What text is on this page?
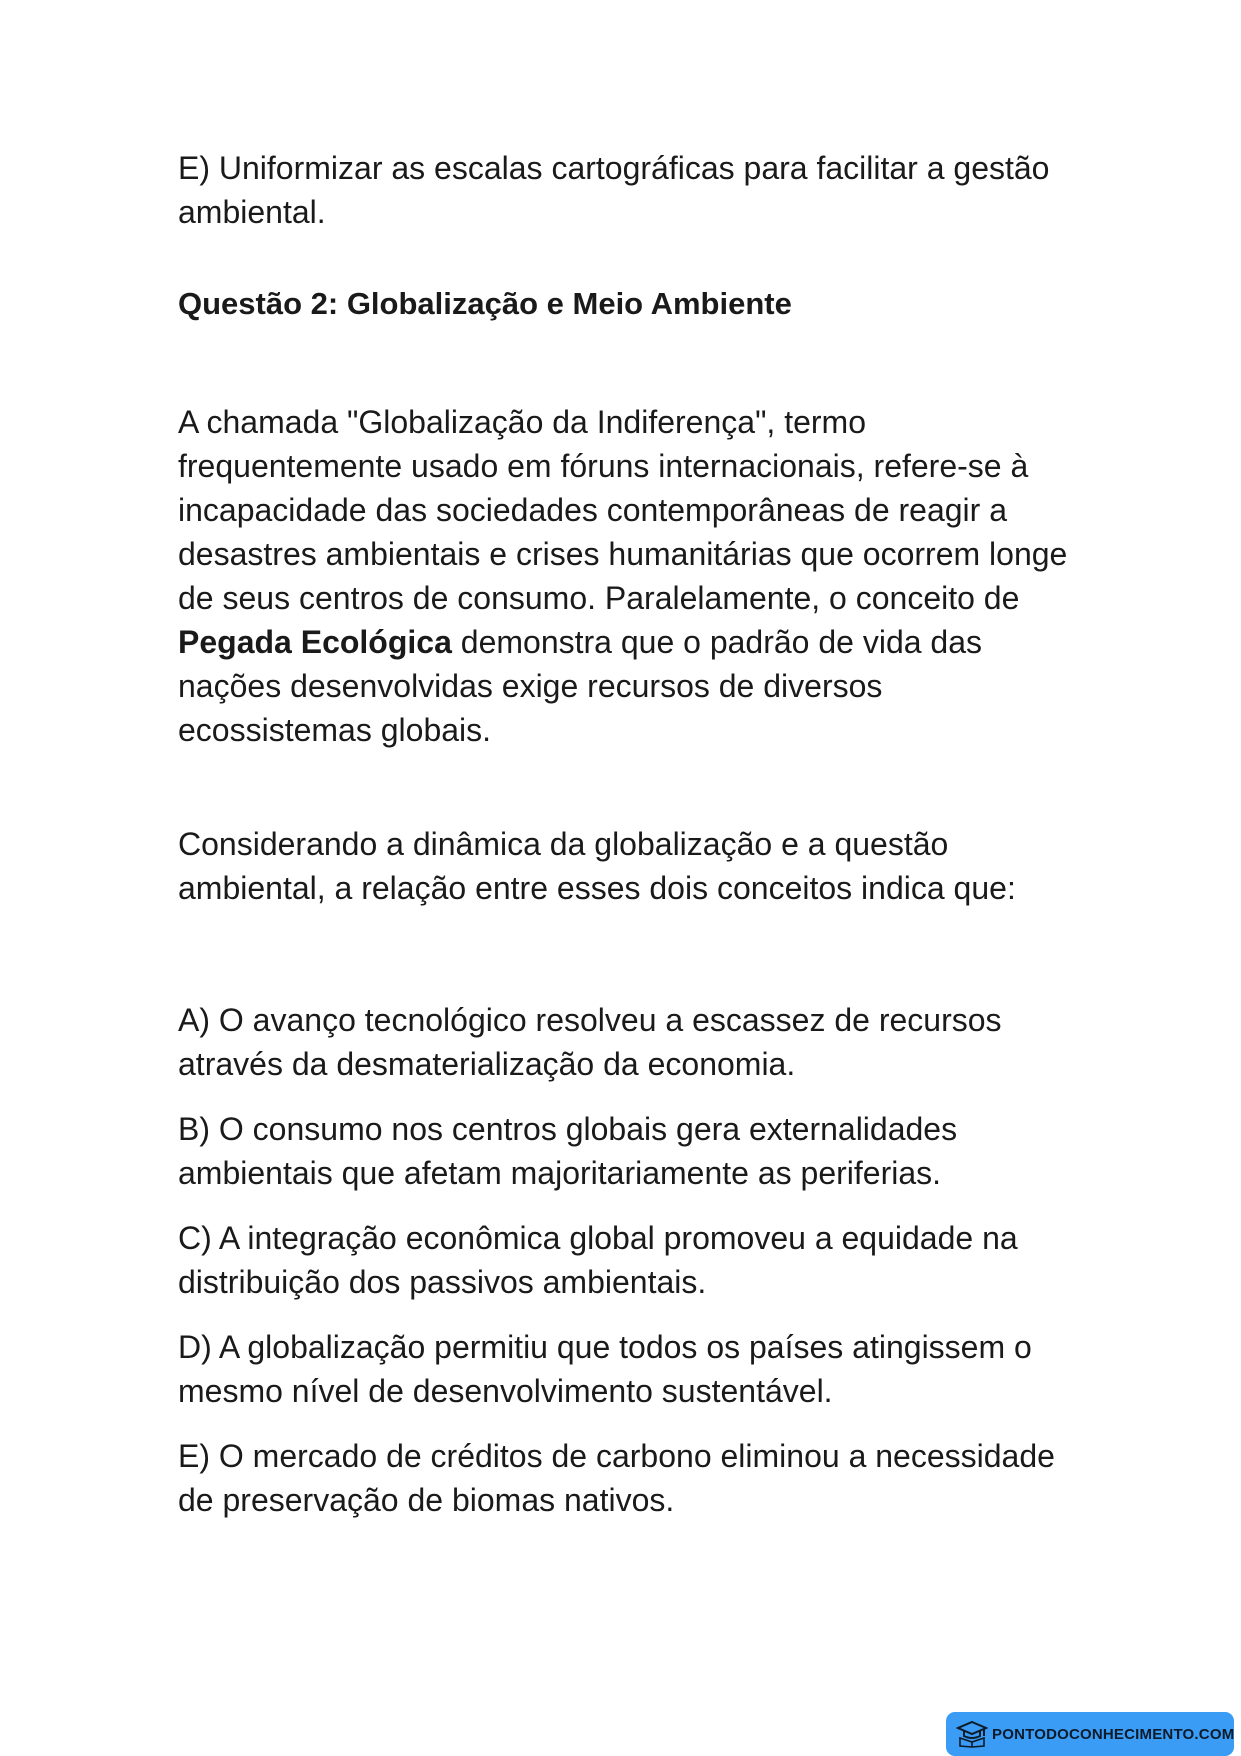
E) Uniformizar as escalas cartográficas para facilitar a gestão ambiental.

Questão 2: Globalização e Meio Ambiente

A chamada "Globalização da Indiferença", termo frequentemente usado em fóruns internacionais, refere-se à incapacidade das sociedades contemporâneas de reagir a desastres ambientais e crises humanitárias que ocorrem longe de seus centros de consumo. Paralelamente, o conceito de Pegada Ecológica demonstra que o padrão de vida das nações desenvolvidas exige recursos de diversos ecossistemas globais.

Considerando a dinâmica da globalização e a questão ambiental, a relação entre esses dois conceitos indica que:

A) O avanço tecnológico resolveu a escassez de recursos através da desmaterialização da economia.

B) O consumo nos centros globais gera externalidades ambientais que afetam majoritariamente as periferias.

C) A integração econômica global promoveu a equidade na distribuição dos passivos ambientais.

D) A globalização permitiu que todos os países atingissem o mesmo nível de desenvolvimento sustentável.

E) O mercado de créditos de carbono eliminou a necessidade de preservação de biomas nativos.

PONTODOCONHECIMENTO.COM
